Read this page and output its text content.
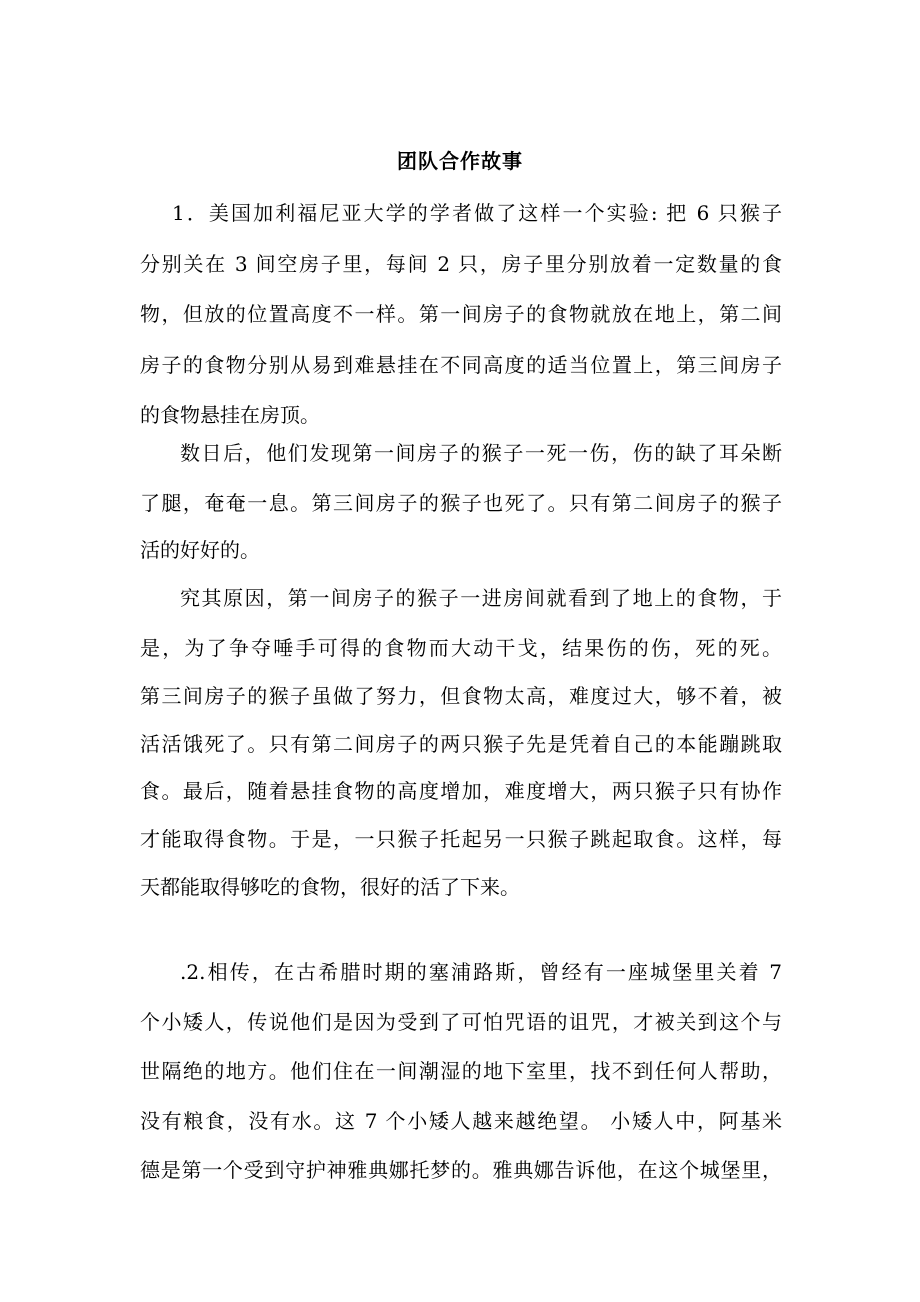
团队合作故事
1．美国加利福尼亚大学的学者做了这样一个实验: 把 6 只猴子
分别关在 3 间空房子里，每间 2 只，房子里分别放着一定数量的食
物，但放的位置高度不一样。第一间房子的食物就放在地上，第二间
房子的食物分别从易到难悬挂在不同高度的适当位置上，第三间房子
的食物悬挂在房顶。
数日后，他们发现第一间房子的猴子一死一伤，伤的缺了耳朵断
了腿，奄奄一息。第三间房子的猴子也死了。只有第二间房子的猴子
活的好好的。
究其原因，第一间房子的猴子一进房间就看到了地上的食物，于
是，为了争夺唾手可得的食物而大动干戈，结果伤的伤，死的死。
第三间房子的猴子虽做了努力，但食物太高，难度过大，够不着，被
活活饿死了。只有第二间房子的两只猴子先是凭着自己的本能蹦跳取
食。最后，随着悬挂食物的高度增加，难度增大，两只猴子只有协作
才能取得食物。于是，一只猴子托起另一只猴子跳起取食。这样，每
天都能取得够吃的食物，很好的活了下来。
.2.相传，在古希腊时期的塞浦路斯，曾经有一座城堡里关着 7
个小矮人，传说他们是因为受到了可怕咒语的诅咒，才被关到这个与
世隔绝的地方。他们住在一间潮湿的地下室里，找不到任何人帮助，
没有粮食，没有水。这 7 个小矮人越来越绝望。 小矮人中，阿基米
德是第一个受到守护神雅典娜托梦的。雅典娜告诉他，在这个城堡里，
